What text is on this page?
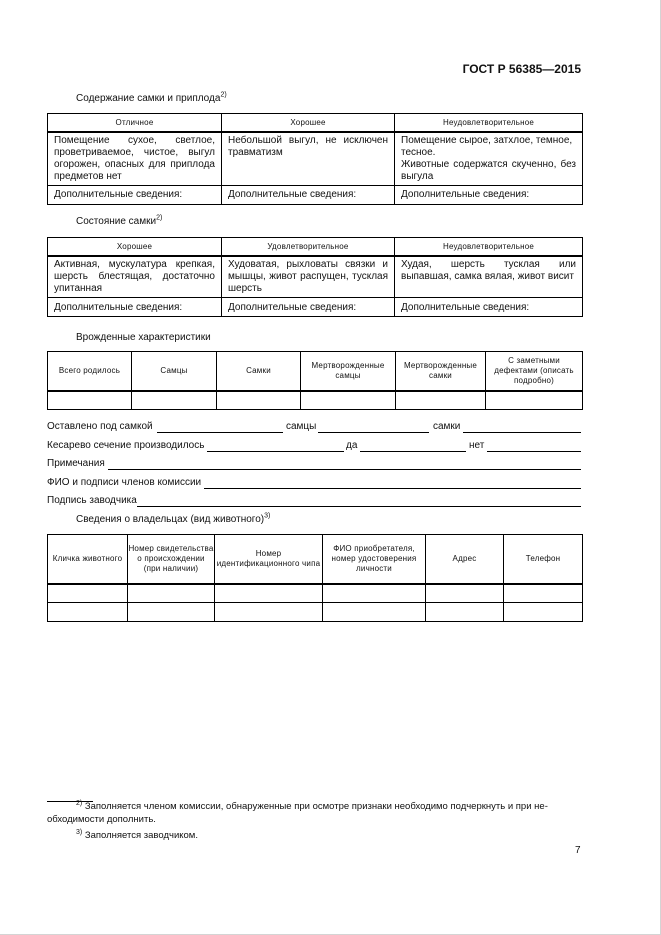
ГОСТ Р 56385—2015
Содержание самки и приплода$^{2)}$
Отличное	Хорошее	Неудовлетворительное
Помещение сухое, светлое, проветриваемое, чистое, выгул огорожен, опасных для приплода предметов нет	Небольшой выгул, не исключен травматизм	Помещение сырое, затхлое, темное, тесное.
Животные содержатся скученно, без выгула

Дополнительные сведения:	Дополнительные сведения:	Дополнительные сведения:
Состояние самки$^{2)}$
Хорошее	Удовлетворительное	Неудовлетворительное
Активная, мускулатура крепкая, шерсть блестящая, достаточно упитанная	Худоватая, рыхловаты связки и мышцы, живот распущен, тусклая шерсть	Худая, шерсть тусклая или выпавшая, самка вялая, живот висит
Дополнительные сведения:	Дополнительные сведения:	Дополнительные сведения:
Врожденные характеристики
Всего родилось	Самцы	Самки	Мертворожденные самцы	Мертворожденные самки	С заметными дефектами (описать подробно)

Оставлено под самкой	самцы	самки
Кесарево сечение производилось	да	нет
Примечания
ФИО и подписи членов комиссии
Подпись заводчика
Сведения о владельцах (вид животного)$^{3)}$
Кличка животного	Номер свидетельства о происхождении (при наличии)	Номер идентификационного чипа	ФИО приобретателя, номер удостоверения личности	Адрес	Телефон

$^{2)}$ Заполняется членом комиссии, обнаруженные при осмотре признаки необходимо подчеркнуть и при не-
обходимости дополнить.
$^{3)}$ Заполняется заводчиком.
7
